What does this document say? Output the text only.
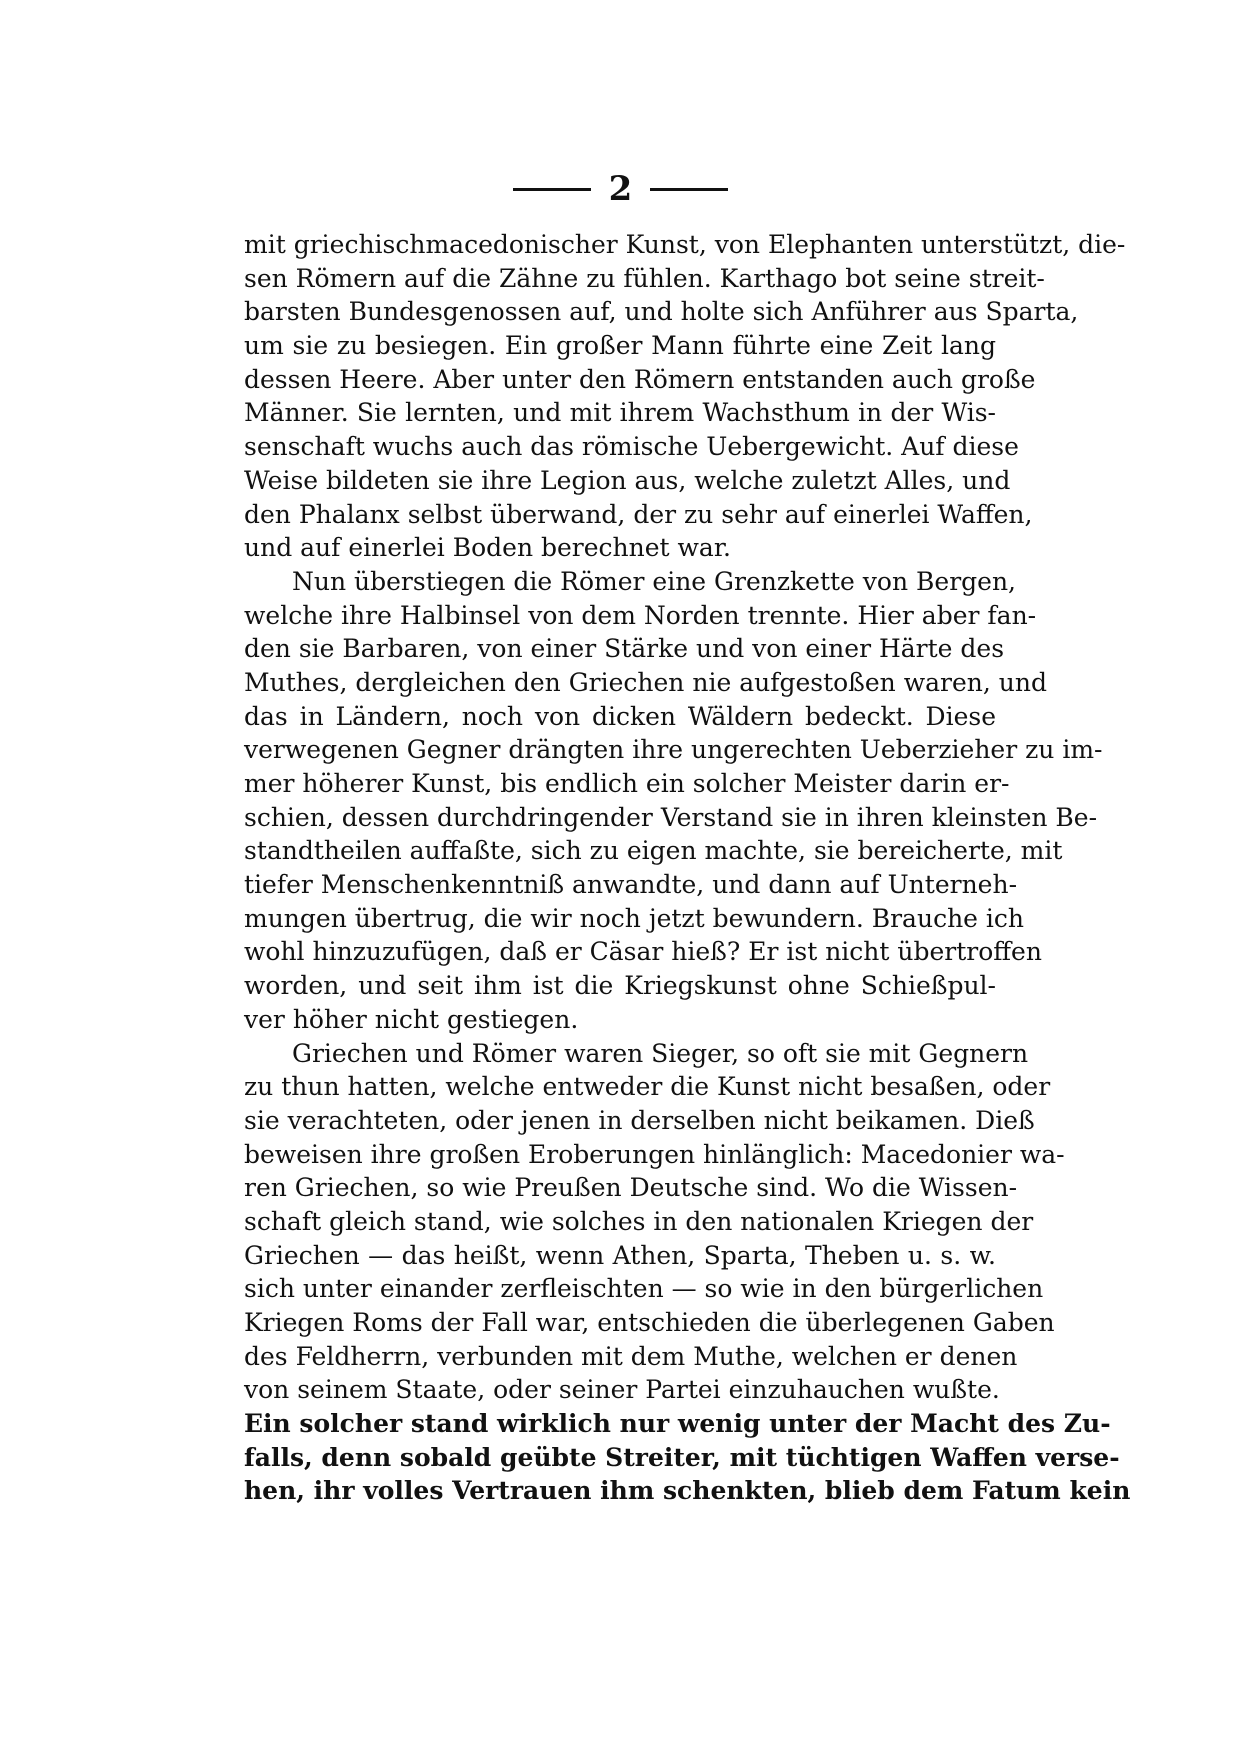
2
mit griechischmacedonischer Kunst, von Elephanten unterstützt, die-
sen Römern auf die Zähne zu fühlen. Karthago bot seine streit-
barsten Bundesgenossen auf, und holte sich Anführer aus Sparta,
um sie zu besiegen. Ein großer Mann führte eine Zeit lang
dessen Heere. Aber unter den Römern entstanden auch große
Männer. Sie lernten, und mit ihrem Wachsthum in der Wis-
senschaft wuchs auch das römische Uebergewicht. Auf diese
Weise bildeten sie ihre Legion aus, welche zuletzt Alles, und
den Phalanx selbst überwand, der zu sehr auf einerlei Waffen,
und auf einerlei Boden berechnet war.
Nun überstiegen die Römer eine Grenzkette von Bergen,
welche ihre Halbinsel von dem Norden trennte. Hier aber fan-
den sie Barbaren, von einer Stärke und von einer Härte des
Muthes, dergleichen den Griechen nie aufgestoßen waren, und
das in Ländern, noch von dicken Wäldern bedeckt. Diese
verwegenen Gegner drängten ihre ungerechten Ueberzieher zu im-
mer höherer Kunst, bis endlich ein solcher Meister darin er-
schien, dessen durchdringender Verstand sie in ihren kleinsten Be-
standtheilen auffaßte, sich zu eigen machte, sie bereicherte, mit
tiefer Menschenkenntniß anwandte, und dann auf Unterneh-
mungen übertrug, die wir noch jetzt bewundern. Brauche ich
wohl hinzuzufügen, daß er Cäsar hieß? Er ist nicht übertroffen
worden, und seit ihm ist die Kriegskunst ohne Schießpul-
ver höher nicht gestiegen.
Griechen und Römer waren Sieger, so oft sie mit Gegnern
zu thun hatten, welche entweder die Kunst nicht besaßen, oder
sie verachteten, oder jenen in derselben nicht beikamen. Dieß
beweisen ihre großen Eroberungen hinlänglich: Macedonier wa-
ren Griechen, so wie Preußen Deutsche sind. Wo die Wissen-
schaft gleich stand, wie solches in den nationalen Kriegen der
Griechen — das heißt, wenn Athen, Sparta, Theben u. s. w.
sich unter einander zerfleischten — so wie in den bürgerlichen
Kriegen Roms der Fall war, entschieden die überlegenen Gaben
des Feldherrn, verbunden mit dem Muthe, welchen er denen
von seinem Staate, oder seiner Partei einzuhauchen wußte.
Ein solcher stand wirklich nur wenig unter der Macht des Zu-
falls, denn sobald geübte Streiter, mit tüchtigen Waffen verse-
hen, ihr volles Vertrauen ihm schenkten, blieb dem Fatum kein
